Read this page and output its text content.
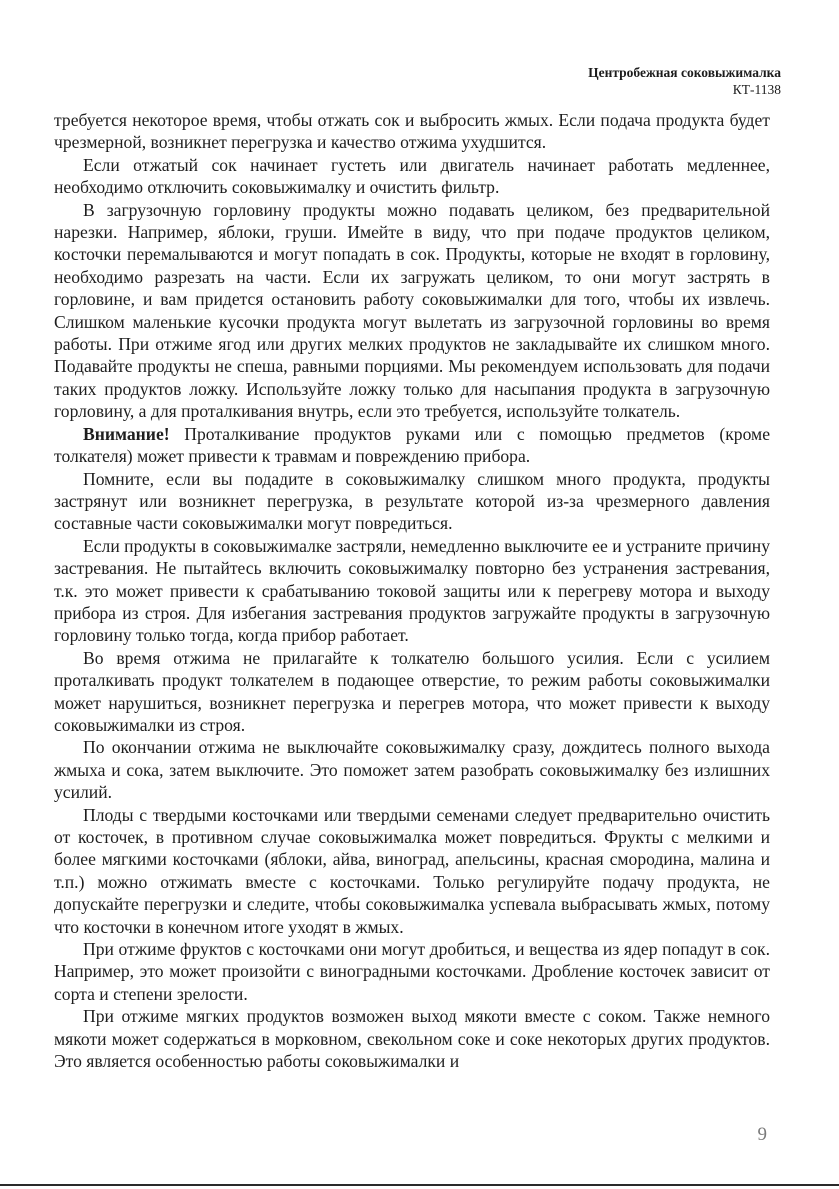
Центробежная соковыжималка
КТ-1138

требуется некоторое время, чтобы отжать сок и выбросить жмых. Если подача продукта будет чрезмерной, возникнет перегрузка и качество отжима ухудшится.

Если отжатый сок начинает густеть или двигатель начинает работать медленнее, необходимо отключить соковыжималку и очистить фильтр.

В загрузочную горловину продукты можно подавать целиком, без предварительной нарезки. Например, яблоки, груши. Имейте в виду, что при подаче продуктов целиком, косточки перемалываются и могут попадать в сок. Продукты, которые не входят в горловину, необходимо разрезать на части. Если их загружать целиком, то они могут застрять в горловине, и вам придется остановить работу соковыжималки для того, чтобы их извлечь. Слишком маленькие кусочки продукта могут вылетать из загрузочной горловины во время работы. При отжиме ягод или других мелких продуктов не закладывайте их слишком много. Подавайте продукты не спеша, равными порциями. Мы рекомендуем использовать для подачи таких продуктов ложку. Используйте ложку только для насыпания продукта в загрузочную горловину, а для проталкивания внутрь, если это требуется, используйте толкатель.

Внимание! Проталкивание продуктов руками или с помощью предметов (кроме толкателя) может привести к травмам и повреждению прибора.

Помните, если вы подадите в соковыжималку слишком много продукта, продукты застрянут или возникнет перегрузка, в результате которой из-за чрезмерного давления составные части соковыжималки могут повредиться.

Если продукты в соковыжималке застряли, немедленно выключите ее и устраните причину застревания. Не пытайтесь включить соковыжималку повторно без устранения застревания, т.к. это может привести к срабатыванию токовой защиты или к перегреву мотора и выходу прибора из строя. Для избегания застревания продуктов загружайте продукты в загрузочную горловину только тогда, когда прибор работает.

Во время отжима не прилагайте к толкателю большого усилия. Если с усилием проталкивать продукт толкателем в подающее отверстие, то режим работы соковыжималки может нарушиться, возникнет перегрузка и перегрев мотора, что может привести к выходу соковыжималки из строя.

По окончании отжима не выключайте соковыжималку сразу, дождитесь полного выхода жмыха и сока, затем выключите. Это поможет затем разобрать соковыжималку без излишних усилий.

Плоды с твердыми косточками или твердыми семенами следует предварительно очистить от косточек, в противном случае соковыжималка может повредиться. Фрукты с мелкими и более мягкими косточками (яблоки, айва, виноград, апельсины, красная смородина, малина и т.п.) можно отжимать вместе с косточками. Только регулируйте подачу продукта, не допускайте перегрузки и следите, чтобы соковыжималка успевала выбрасывать жмых, потому что косточки в конечном итоге уходят в жмых.

При отжиме фруктов с косточками они могут дробиться, и вещества из ядер попадут в сок. Например, это может произойти с виноградными косточками. Дробление косточек зависит от сорта и степени зрелости.

При отжиме мягких продуктов возможен выход мякоти вместе с соком. Также немного мякоти может содержаться в морковном, свекольном соке и соке некоторых других продуктов. Это является особенностью работы соковыжималки и

9
